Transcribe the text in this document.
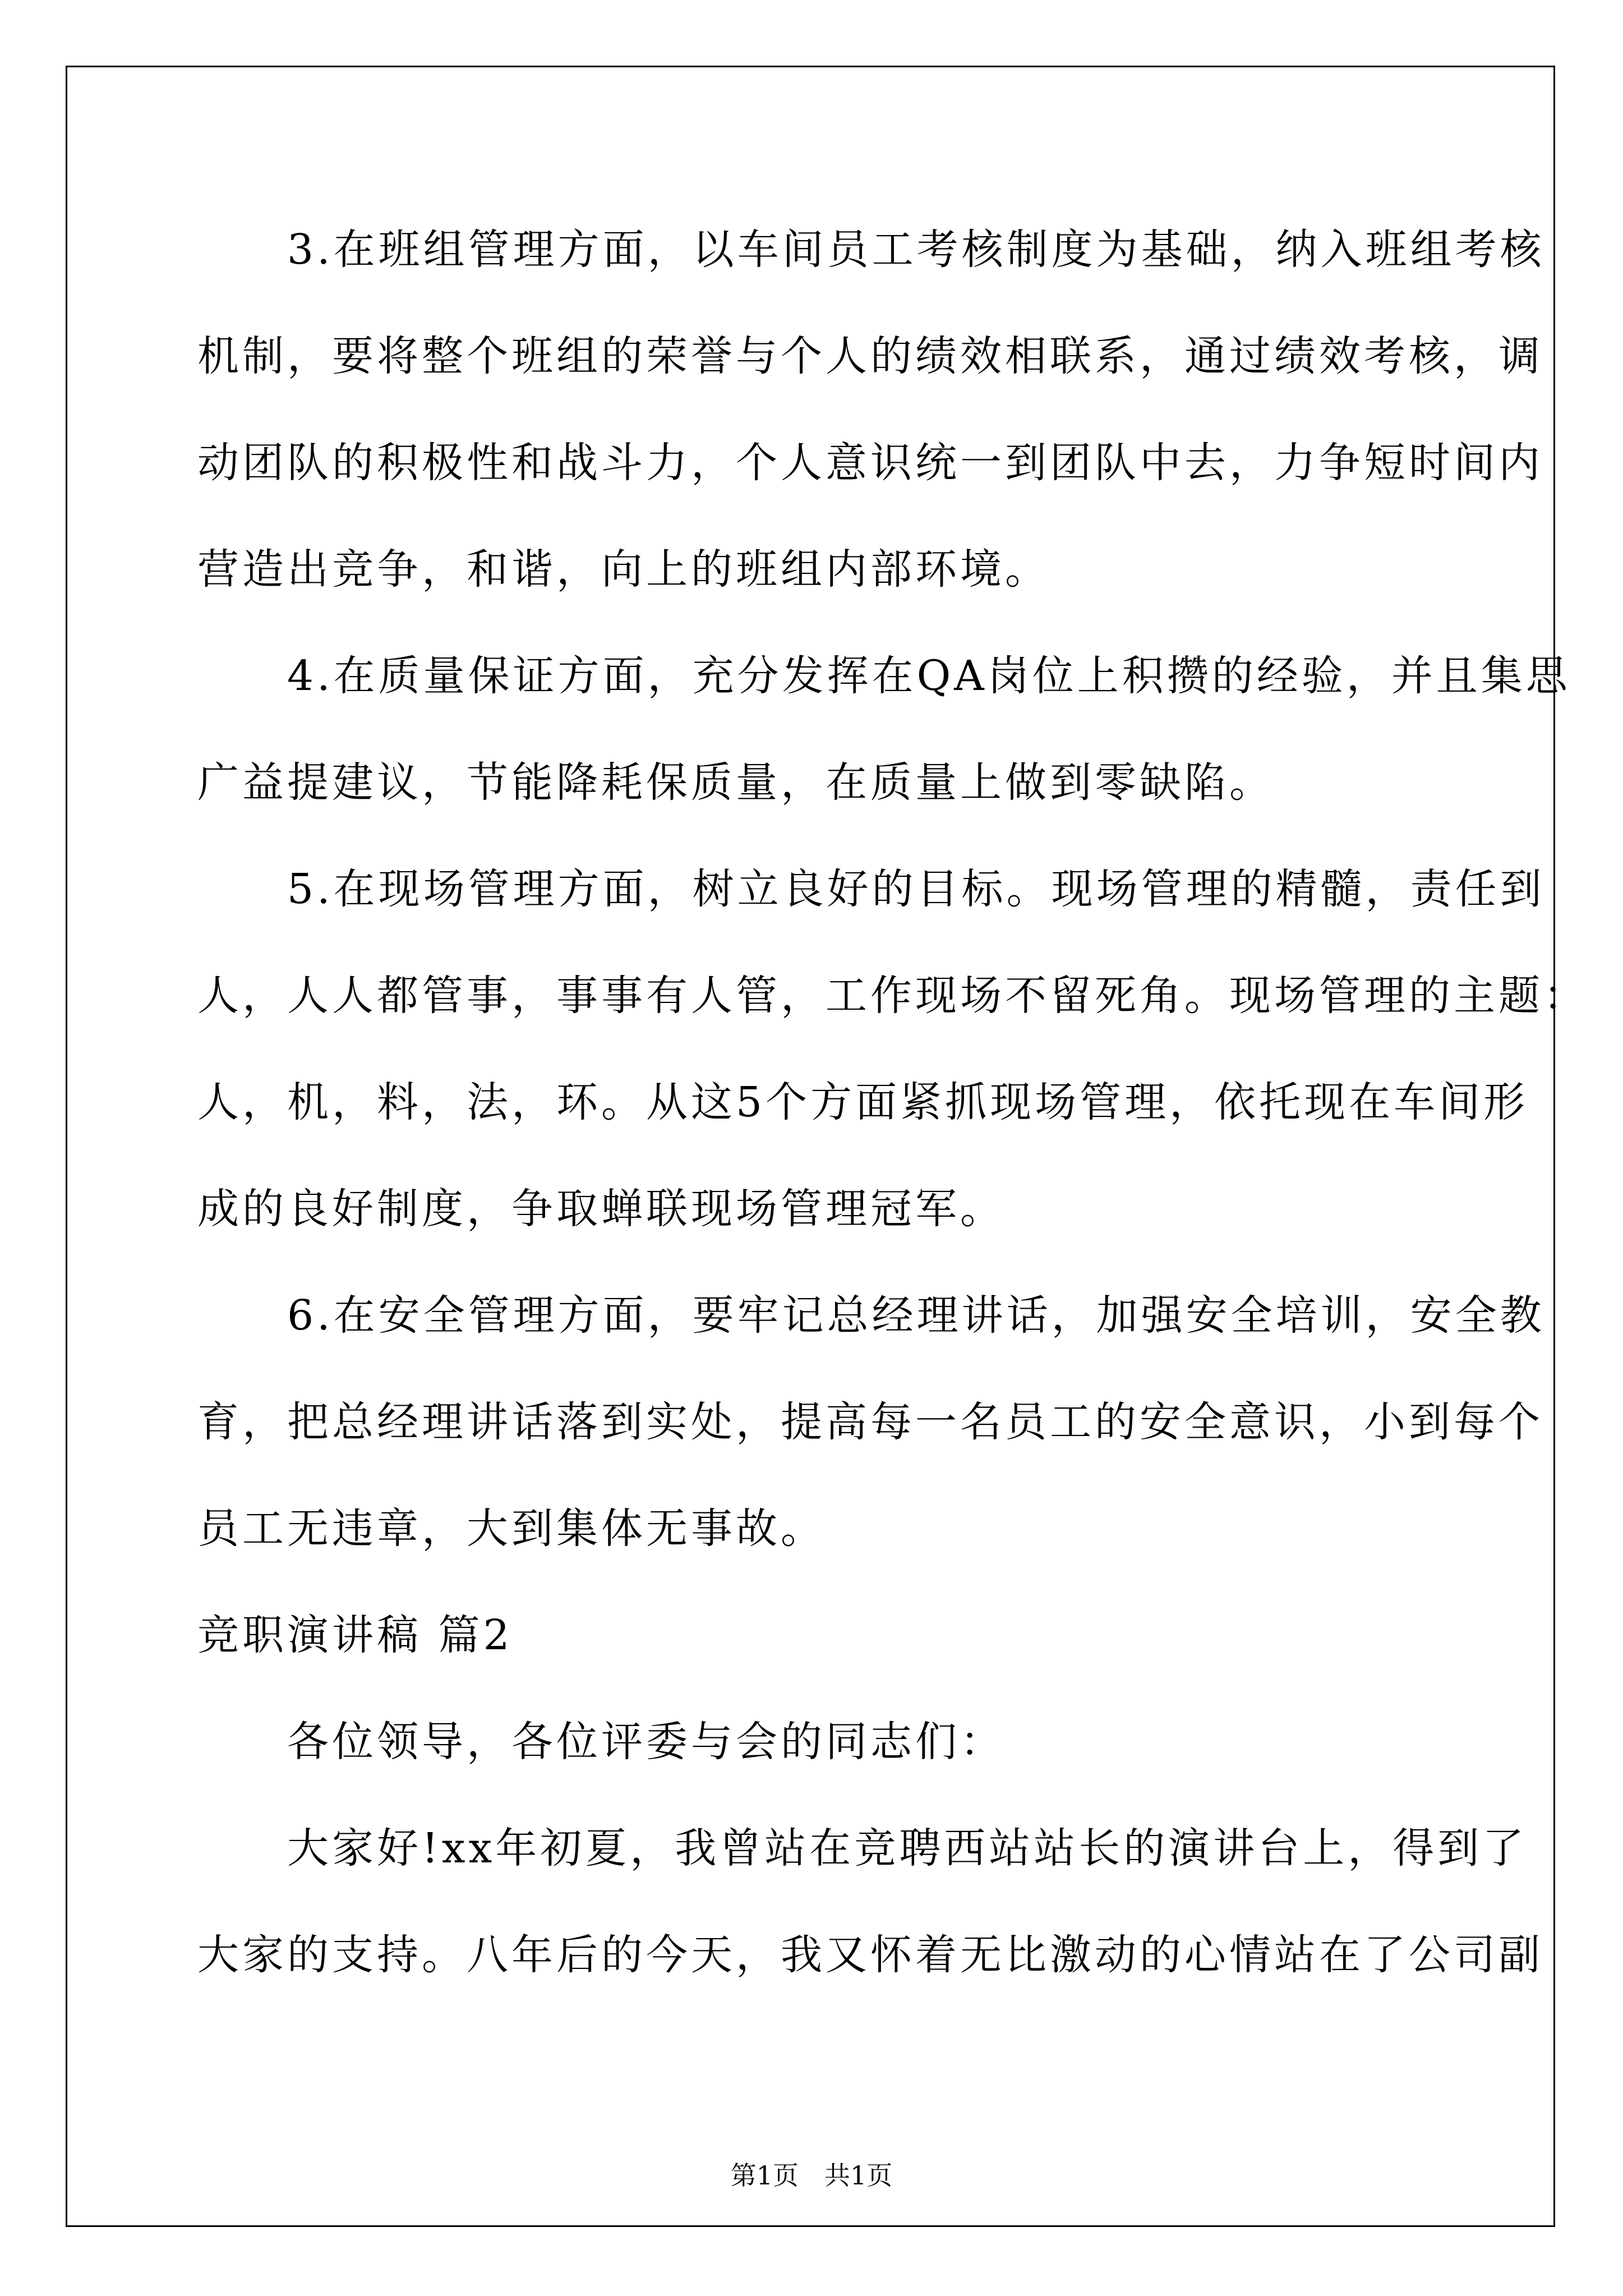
　　3.在班组管理方面，以车间员工考核制度为基础，纳入班组考核
机制，要将整个班组的荣誉与个人的绩效相联系，通过绩效考核，调
动团队的积极性和战斗力，个人意识统一到团队中去，力争短时间内
营造出竞争，和谐，向上的班组内部环境。
　　4.在质量保证方面，充分发挥在QA岗位上积攒的经验，并且集思
广益提建议，节能降耗保质量，在质量上做到零缺陷。
　　5.在现场管理方面，树立良好的目标。现场管理的精髓，责任到
人，人人都管事，事事有人管，工作现场不留死角。现场管理的主题：
人，机，料，法，环。从这5个方面紧抓现场管理，依托现在车间形
成的良好制度，争取蝉联现场管理冠军。
　　6.在安全管理方面，要牢记总经理讲话，加强安全培训，安全教
育，把总经理讲话落到实处，提高每一名员工的安全意识，小到每个
员工无违章，大到集体无事故。
竞职演讲稿 篇2
　　各位领导，各位评委与会的同志们：
　　大家好!xx年初夏，我曾站在竞聘西站站长的演讲台上，得到了
大家的支持。八年后的今天，我又怀着无比激动的心情站在了公司副
第1页　共1页
